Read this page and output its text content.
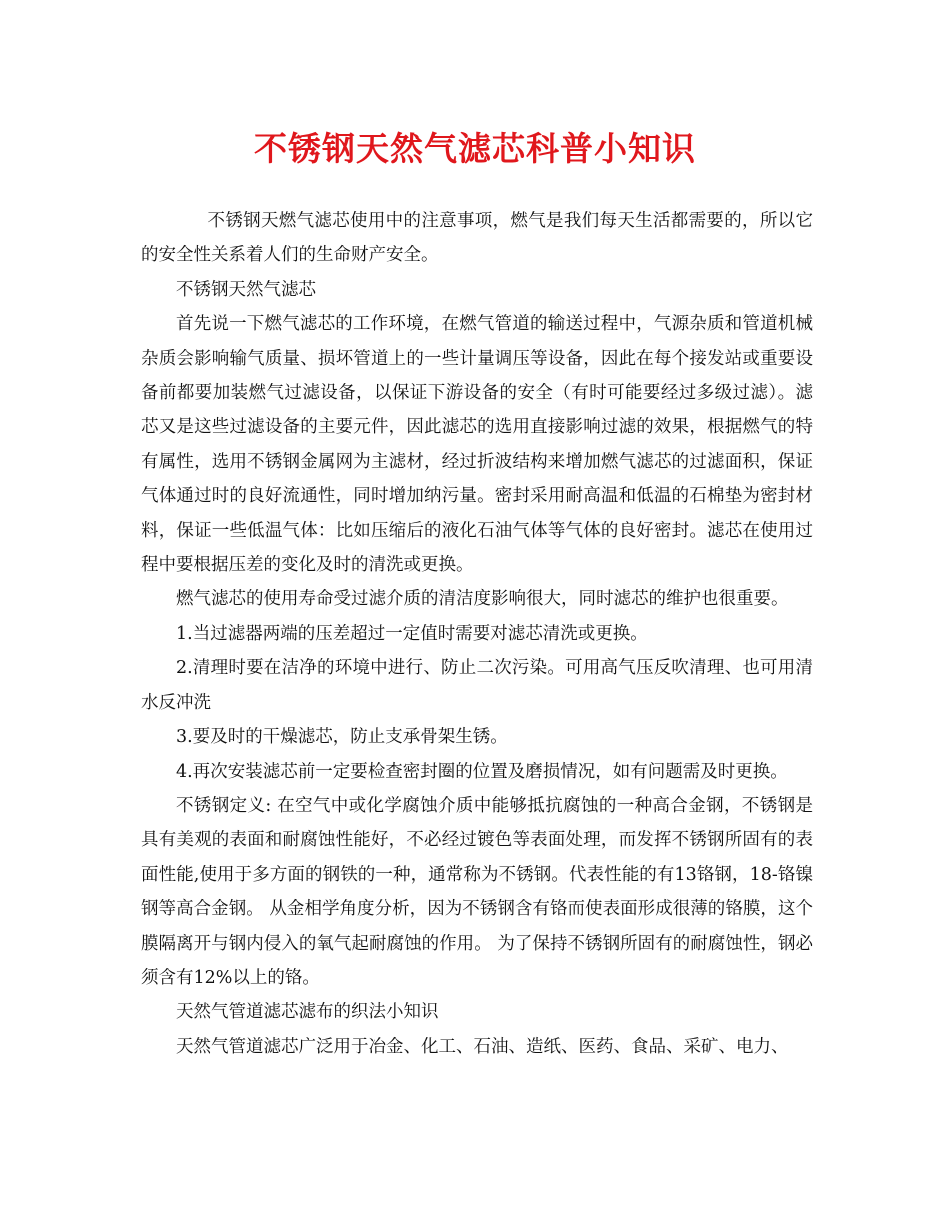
不锈钢天然气滤芯科普小知识

不锈钢天燃气滤芯使用中的注意事项，燃气是我们每天生活都需要的，所以它的安全性关系着人们的生命财产安全。

不锈钢天然气滤芯

首先说一下燃气滤芯的工作环境，在燃气管道的输送过程中，气源杂质和管道机械杂质会影响输气质量、损坏管道上的一些计量调压等设备，因此在每个接发站或重要设备前都要加装燃气过滤设备，以保证下游设备的安全（有时可能要经过多级过滤）。滤芯又是这些过滤设备的主要元件，因此滤芯的选用直接影响过滤的效果，根据燃气的特有属性，选用不锈钢金属网为主滤材，经过折波结构来增加燃气滤芯的过滤面积，保证气体通过时的良好流通性，同时增加纳污量。密封采用耐高温和低温的石棉垫为密封材料，保证一些低温气体：比如压缩后的液化石油气体等气体的良好密封。滤芯在使用过程中要根据压差的变化及时的清洗或更换。

燃气滤芯的使用寿命受过滤介质的清洁度影响很大，同时滤芯的维护也很重要。

1.当过滤器两端的压差超过一定值时需要对滤芯清洗或更换。

2.清理时要在洁净的环境中进行、防止二次污染。可用高气压反吹清理、也可用清水反冲洗

3.要及时的干燥滤芯，防止支承骨架生锈。

4.再次安装滤芯前一定要检查密封圈的位置及磨损情况，如有问题需及时更换。

不锈钢定义: 在空气中或化学腐蚀介质中能够抵抗腐蚀的一种高合金钢，不锈钢是具有美观的表面和耐腐蚀性能好，不必经过镀色等表面处理，而发挥不锈钢所固有的表面性能,使用于多方面的钢铁的一种，通常称为不锈钢。代表性能的有13铬钢，18-铬镍钢等高合金钢。 从金相学角度分析，因为不锈钢含有铬而使表面形成很薄的铬膜，这个膜隔离开与钢内侵入的氧气起耐腐蚀的作用。 为了保持不锈钢所固有的耐腐蚀性，钢必须含有12%以上的铬。

天然气管道滤芯滤布的织法小知识

天然气管道滤芯广泛用于冶金、化工、石油、造纸、医药、食品、采矿、电力、
